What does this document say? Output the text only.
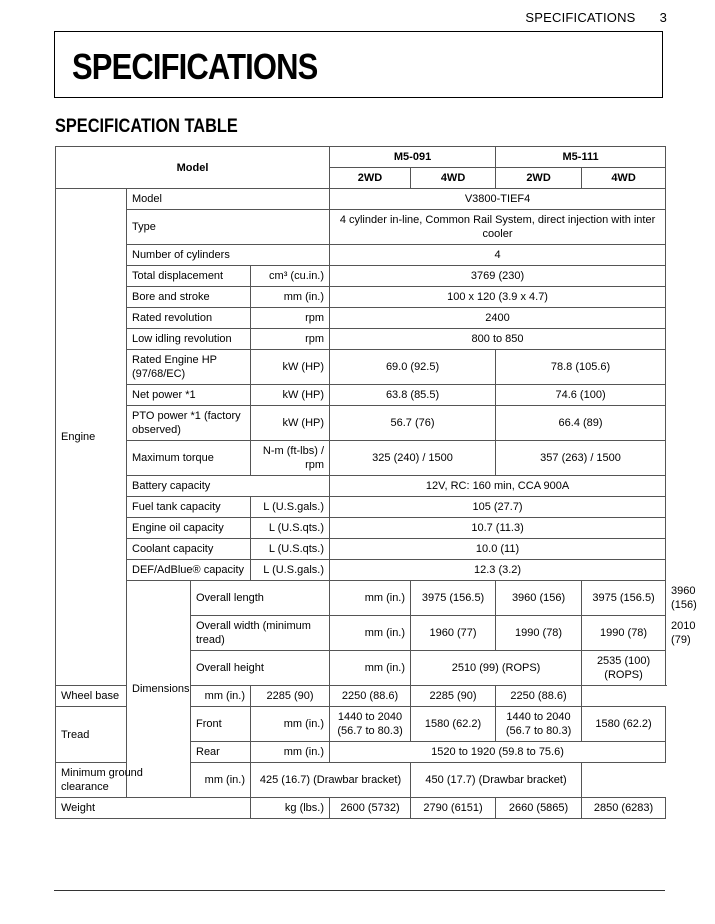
SPECIFICATIONS 3
SPECIFICATIONS
SPECIFICATION TABLE
Model				M5-091		M5-111		
				2WD	4WD	2WD	4WD	
Engine	Model			V3800-TIEF4				
	Type			4 cylinder in-line, Common Rail System, direct injection with inter cooler				
	Number of cylinders			4				
	Total displacement		cm³ (cu.in.)	3769 (230)				
	Bore and stroke		mm (in.)	100 x 120 (3.9 x 4.7)				
	Rated revolution		rpm	2400				
	Low idling revolution		rpm	800 to 850				
	Rated Engine HP (97/68/EC)		kW (HP)	69.0 (92.5)		78.8 (105.6)		
	Net power *1		kW (HP)	63.8 (85.5)		74.6 (100)		
	PTO power *1 (factory observed)		kW (HP)	56.7 (76)		66.4 (89)		
	Maximum torque		N-m (ft-lbs) / rpm	325 (240) / 1500		357 (263) / 1500		
	Battery capacity			12V, RC: 160 min, CCA 900A				
	Fuel tank capacity		L (U.S.gals.)	105 (27.7)				
	Engine oil capacity		L (U.S.qts.)	10.7 (11.3)				
	Coolant capacity		L (U.S.qts.)	10.0 (11)				
	DEF/AdBlue® capacity		L (U.S.gals.)	12.3 (3.2)				
	Dimensions	Overall length		mm (in.)	3975 (156.5)	3960 (156)	3975 (156.5)	3960 (156)
		Overall width (minimum tread)		mm (in.)	1960 (77)	1990 (78)	1990 (78)	2010 (79)
		Overall height		mm (in.)	2510 (99) (ROPS)		2535 (100) (ROPS)	
Wheel base		mm (in.)	2285 (90)	2250 (88.6)	2285 (90)	2250 (88.6)		
Tread		Front	mm (in.)	1440 to 2040 (56.7 to 80.3)	1580 (62.2)	1440 to 2040 (56.7 to 80.3)	1580 (62.2)	
		Rear	mm (in.)	1520 to 1920 (59.8 to 75.6)				
Minimum ground clearance		mm (in.)	425 (16.7) (Drawbar bracket)		450 (17.7) (Drawbar bracket)			
Weight			kg (lbs.)	2600 (5732)	2790 (6151)	2660 (5865)	2850 (6283)	
